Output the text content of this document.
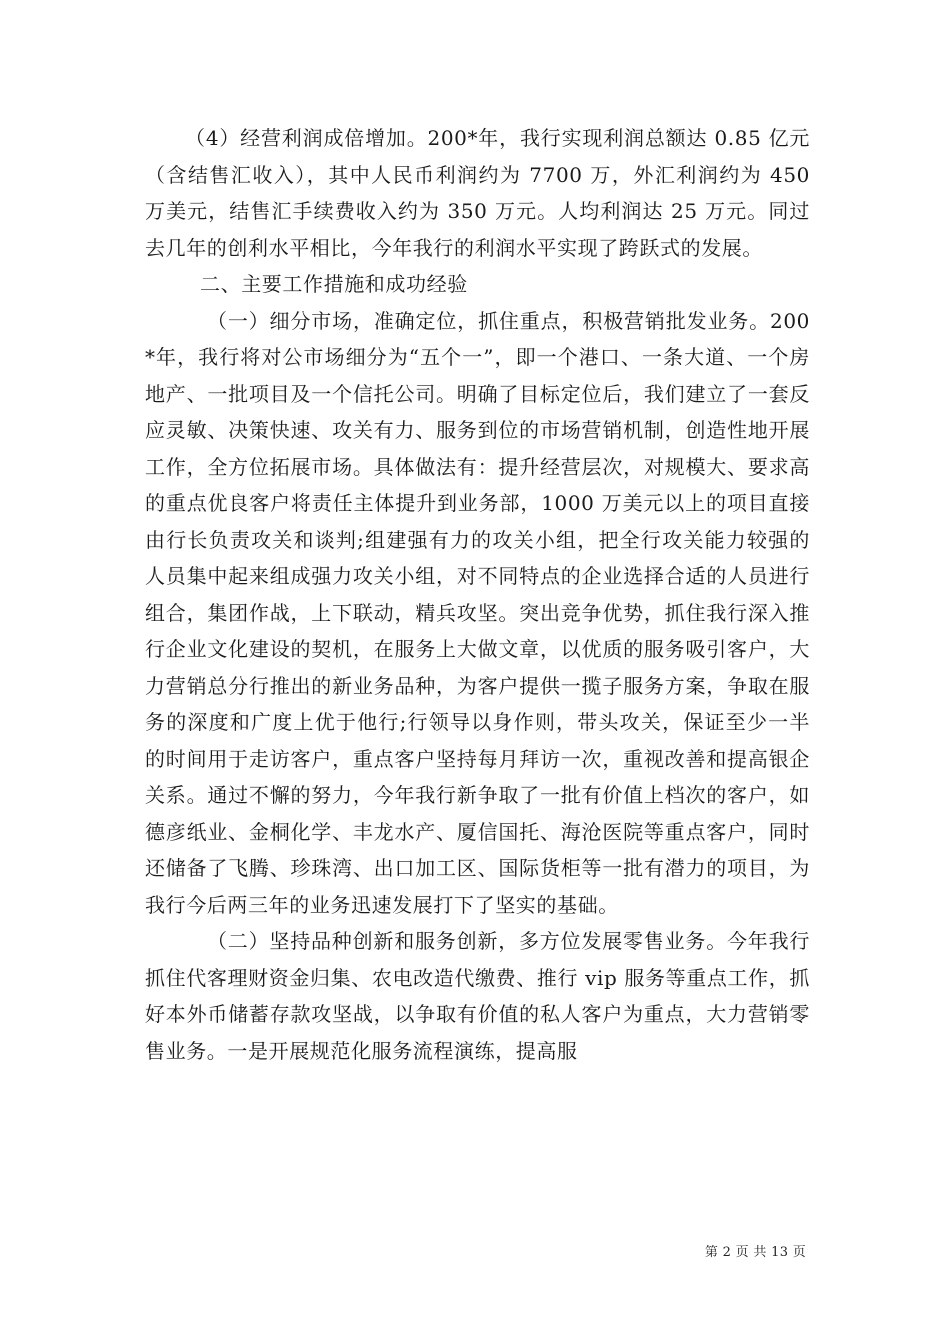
（4）经营利润成倍增加。200*年，我行实现利润总额达 0.85 亿元（含结售汇收入），其中人民币利润约为 7700 万，外汇利润约为 450 万美元，结售汇手续费收入约为 350 万元。人均利润达 25 万元。同过去几年的创利水平相比，今年我行的利润水平实现了跨跃式的发展。

二、主要工作措施和成功经验

（一）细分市场，准确定位，抓住重点，积极营销批发业务。200*年，我行将对公市场细分为“五个一”，即一个港口、一条大道、一个房地产、一批项目及一个信托公司。明确了目标定位后，我们建立了一套反应灵敏、决策快速、攻关有力、服务到位的市场营销机制，创造性地开展工作，全方位拓展市场。具体做法有：提升经营层次，对规模大、要求高的重点优良客户将责任主体提升到业务部，1000 万美元以上的项目直接由行长负责攻关和谈判;组建强有力的攻关小组，把全行攻关能力较强的人员集中起来组成强力攻关小组，对不同特点的企业选择合适的人员进行组合，集团作战，上下联动，精兵攻坚。突出竞争优势，抓住我行深入推行企业文化建设的契机，在服务上大做文章，以优质的服务吸引客户，大力营销总分行推出的新业务品种，为客户提供一揽子服务方案，争取在服务的深度和广度上优于他行;行领导以身作则，带头攻关，保证至少一半的时间用于走访客户，重点客户坚持每月拜访一次，重视改善和提高银企关系。通过不懈的努力，今年我行新争取了一批有价值上档次的客户，如德彦纸业、金桐化学、丰龙水产、厦信国托、海沧医院等重点客户，同时还储备了飞腾、珍珠湾、出口加工区、国际货柜等一批有潜力的项目，为我行今后两三年的业务迅速发展打下了坚实的基础。

（二）坚持品种创新和服务创新，多方位发展零售业务。今年我行抓住代客理财资金归集、农电改造代缴费、推行 vip 服务等重点工作，抓好本外币储蓄存款攻坚战，以争取有价值的私人客户为重点，大力营销零售业务。一是开展规范化服务流程演练，提高服

第 2 页 共 13 页
